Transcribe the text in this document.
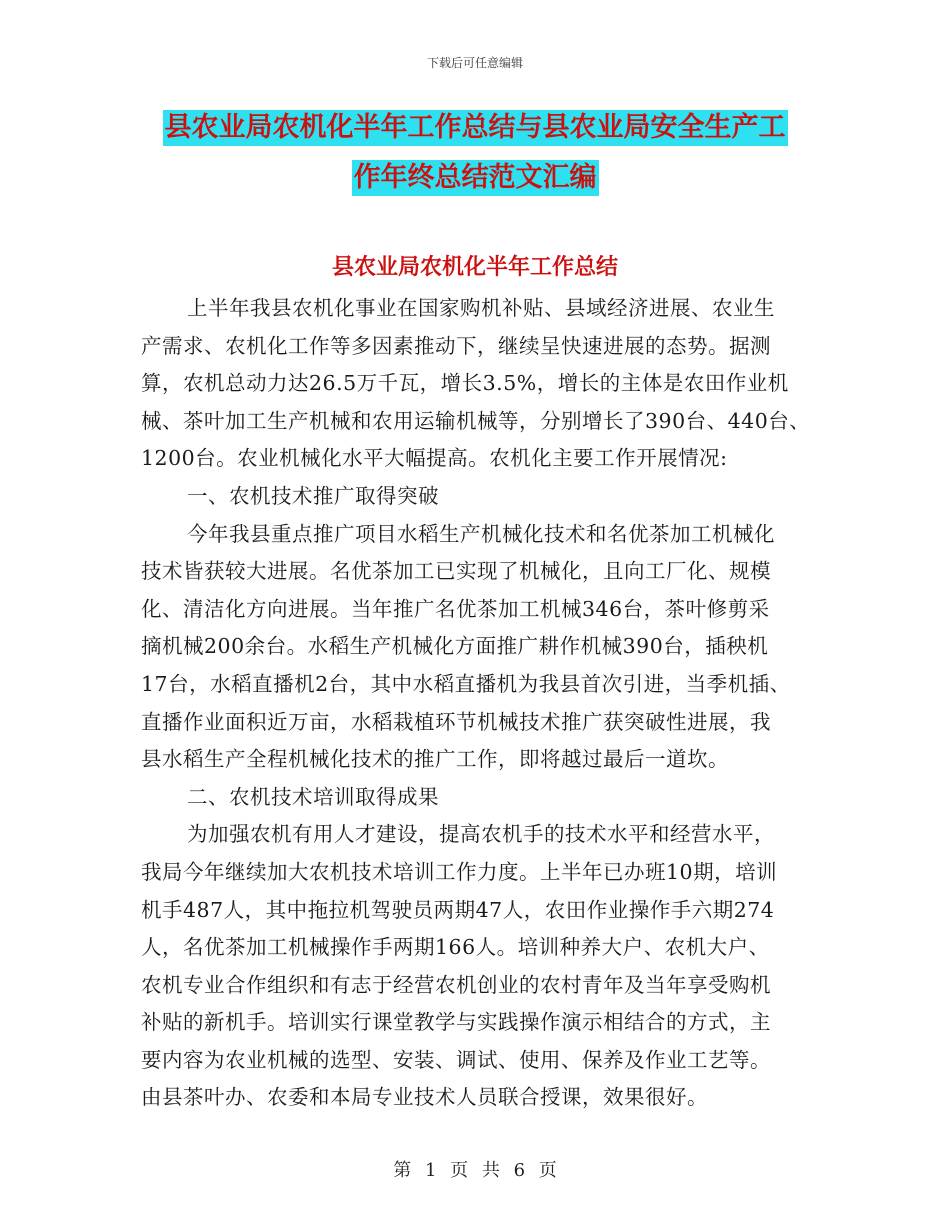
下载后可任意编辑
县农业局农机化半年工作总结与县农业局安全生产工
作年终总结范文汇编
县农业局农机化半年工作总结
上半年我县农机化事业在国家购机补贴、县域经济进展、农业生
产需求、农机化工作等多因素推动下，继续呈快速进展的态势。据测
算，农机总动力达26.5万千瓦，增长3.5%，增长的主体是农田作业机
械、茶叶加工生产机械和农用运输机械等，分别增长了390台、440台、
1200台。农业机械化水平大幅提高。农机化主要工作开展情况:
一、农机技术推广取得突破
今年我县重点推广项目水稻生产机械化技术和名优茶加工机械化
技术皆获较大进展。名优茶加工已实现了机械化，且向工厂化、规模
化、清洁化方向进展。当年推广名优茶加工机械346台，茶叶修剪采
摘机械200余台。水稻生产机械化方面推广耕作机械390台，插秧机
17台，水稻直播机2台，其中水稻直播机为我县首次引进，当季机插、
直播作业面积近万亩，水稻栽植环节机械技术推广获突破性进展，我
县水稻生产全程机械化技术的推广工作，即将越过最后一道坎。
二、农机技术培训取得成果
为加强农机有用人才建设，提高农机手的技术水平和经营水平，
我局今年继续加大农机技术培训工作力度。上半年已办班10期，培训
机手487人，其中拖拉机驾驶员两期47人，农田作业操作手六期274
人，名优茶加工机械操作手两期166人。培训种养大户、农机大户、
农机专业合作组织和有志于经营农机创业的农村青年及当年享受购机
补贴的新机手。培训实行课堂教学与实践操作演示相结合的方式，主
要内容为农业机械的选型、安装、调试、使用、保养及作业工艺等。
由县茶叶办、农委和本局专业技术人员联合授课，效果很好。
第 1 页 共 6 页
